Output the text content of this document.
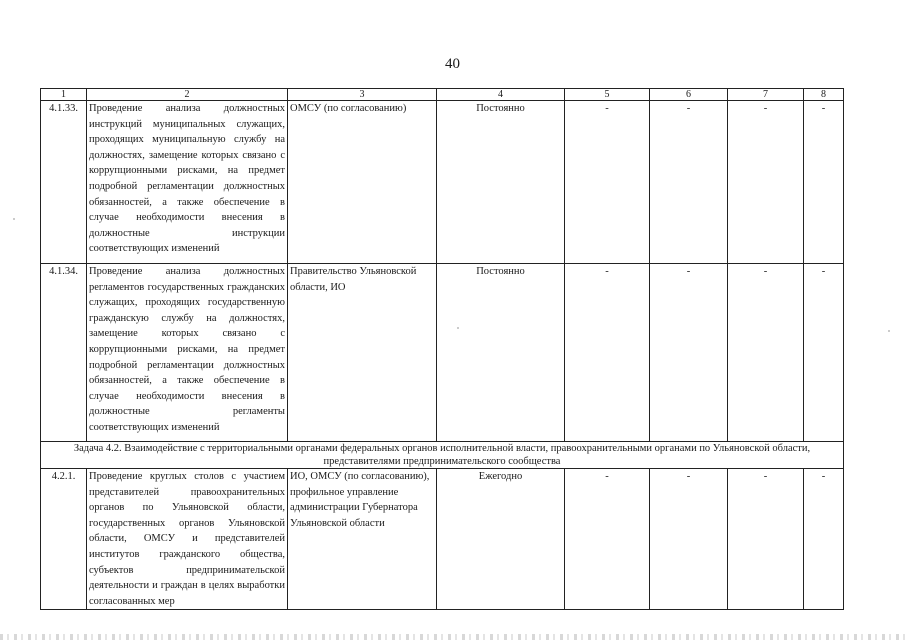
40
1	2	3	4	5	6	7	8
4.1.33.	Проведение анализа должностных инструкций муниципальных служащих, проходящих муниципальную службу на должностях, замещение которых связано с коррупционными рисками, на предмет подробной регламентации должностных обязанностей, а также обеспечение в случае необходимости внесения в должностные инструкции соответствующих изменений	ОМСУ (по согласованию)	Постоянно	-	-	-	-
4.1.34.	Проведение анализа должностных регламентов государственных гражданских служащих, проходящих государственную гражданскую службу на должностях, замещение которых связано с коррупционными рисками, на предмет подробной регламентации должностных обязанностей, а также обеспечение в случае необходимости внесения в должностные регламенты соответствующих изменений	Правительство Ульяновской области, ИО	Постоянно	-	-	-	-
Задача 4.2. Взаимодействие с территориальными органами федеральных органов исполнительной власти, правоохранительными органами по Ульяновской области, представителями предпринимательского сообщества							
4.2.1.	Проведение круглых столов с участием представителей правоохранительных органов по Ульяновской области, государственных органов Ульяновской области, ОМСУ и представителей институтов гражданского общества, субъектов предпринимательской деятельности и граждан в целях выработки согласованных мер	ИО, ОМСУ (по согласованию), профильное управление администрации Губернатора Ульяновской области	Ежегодно	-	-	-	-
